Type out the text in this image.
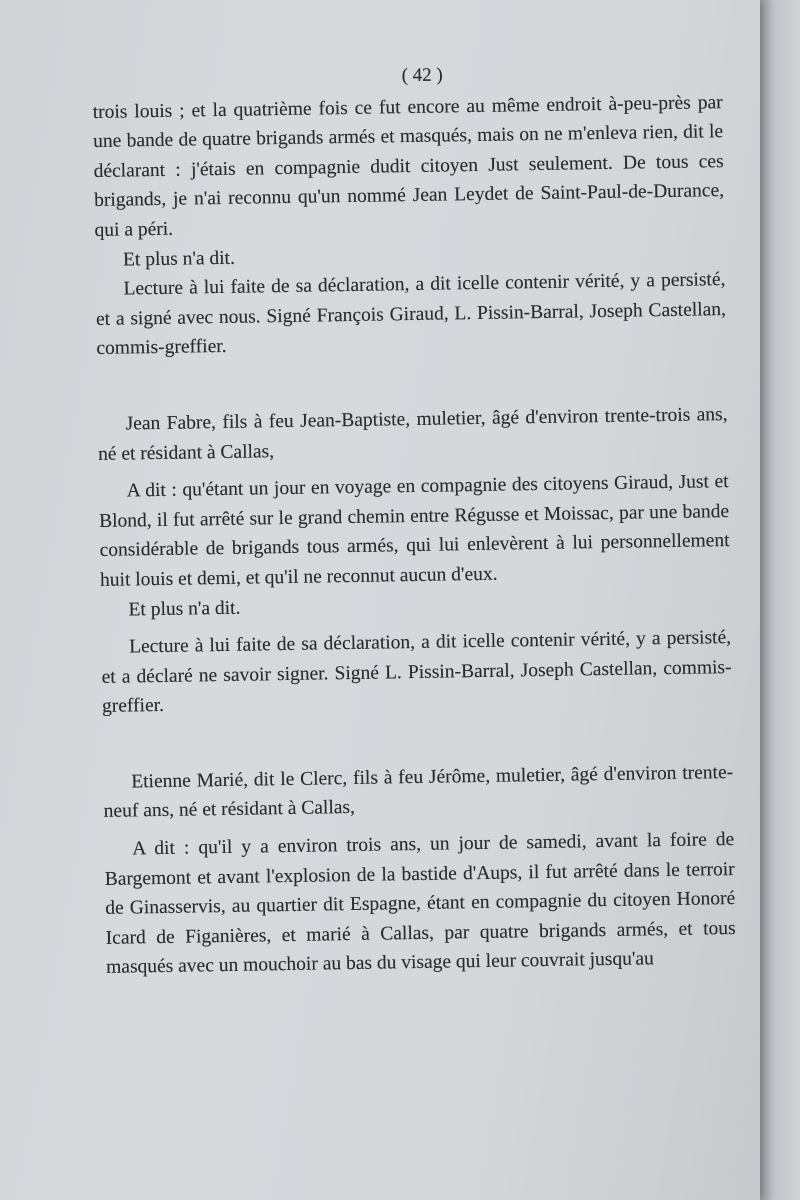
( 42 )

trois louis ; et la quatrième fois ce fut encore au même endroit à-peu-près par une bande de quatre brigands armés et masqués, mais on ne m'enleva rien, dit le déclarant : j'étais en compagnie dudit citoyen Just seulement. De tous ces brigands, je n'ai reconnu qu'un nommé Jean Leydet de Saint-Paul-de-Durance, qui a péri.

Et plus n'a dit.

Lecture à lui faite de sa déclaration, a dit icelle contenir vérité, y a persisté, et a signé avec nous. Signé François Giraud, L. Pissin-Barral, Joseph Castellan, commis-greffier.

Jean Fabre, fils à feu Jean-Baptiste, muletier, âgé d'environ trente-trois ans, né et résidant à Callas,

A dit : qu'étant un jour en voyage en compagnie des citoyens Giraud, Just et Blond, il fut arrêté sur le grand chemin entre Régusse et Moissac, par une bande considérable de brigands tous armés, qui lui enlevèrent à lui personnellement huit louis et demi, et qu'il ne reconnut aucun d'eux.

Et plus n'a dit.

Lecture à lui faite de sa déclaration, a dit icelle contenir vérité, y a persisté, et a déclaré ne savoir signer. Signé L. Pissin-Barral, Joseph Castellan, commis-greffier.

Etienne Marié, dit le Clerc, fils à feu Jérôme, muletier, âgé d'environ trente-neuf ans, né et résidant à Callas,

A dit : qu'il y a environ trois ans, un jour de samedi, avant la foire de Bargemont et avant l'explosion de la bastide d'Aups, il fut arrêté dans le terroir de Ginasservis, au quartier dit Espagne, étant en compagnie du citoyen Honoré Icard de Figanières, et marié à Callas, par quatre brigands armés, et tous masqués avec un mouchoir au bas du visage qui leur couvrait jusqu'au
